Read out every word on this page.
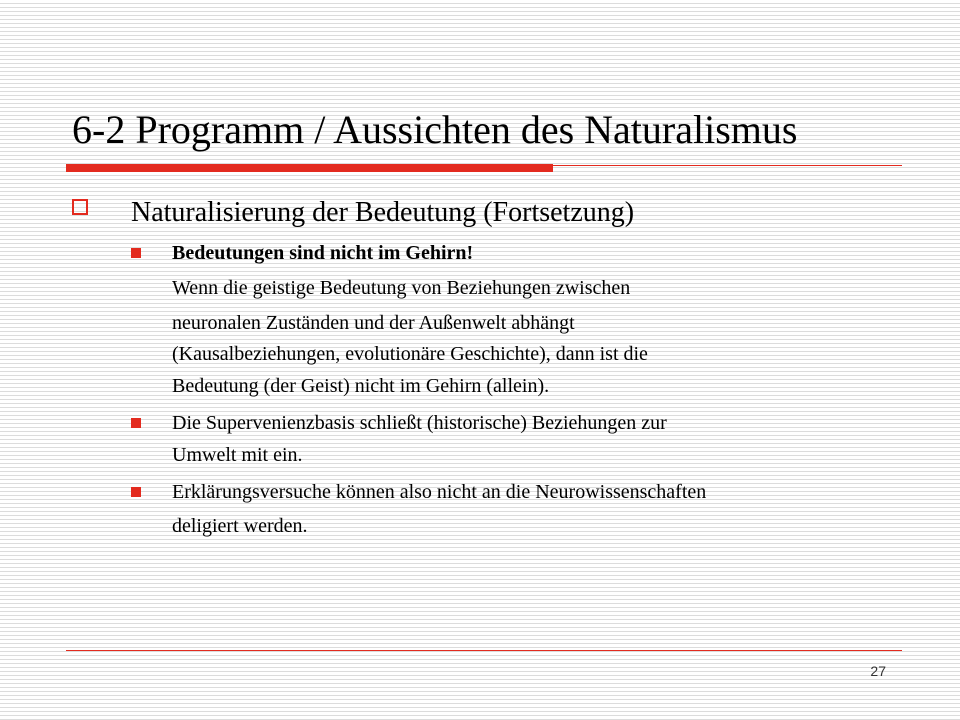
6-2 Programm / Aussichten des Naturalismus

Naturalisierung der Bedeutung (Fortsetzung)

Bedeutungen sind nicht im Gehirn!

Wenn die geistige Bedeutung von Beziehungen zwischen

neuronalen Zuständen und der Außenwelt abhängt

(Kausalbeziehungen, evolutionäre Geschichte), dann ist die

Bedeutung (der Geist) nicht im Gehirn (allein).

Die Supervenienzbasis schließt (historische) Beziehungen zur

Umwelt mit ein.

Erklärungsversuche können also nicht an die Neurowissenschaften

deligiert werden.

27
